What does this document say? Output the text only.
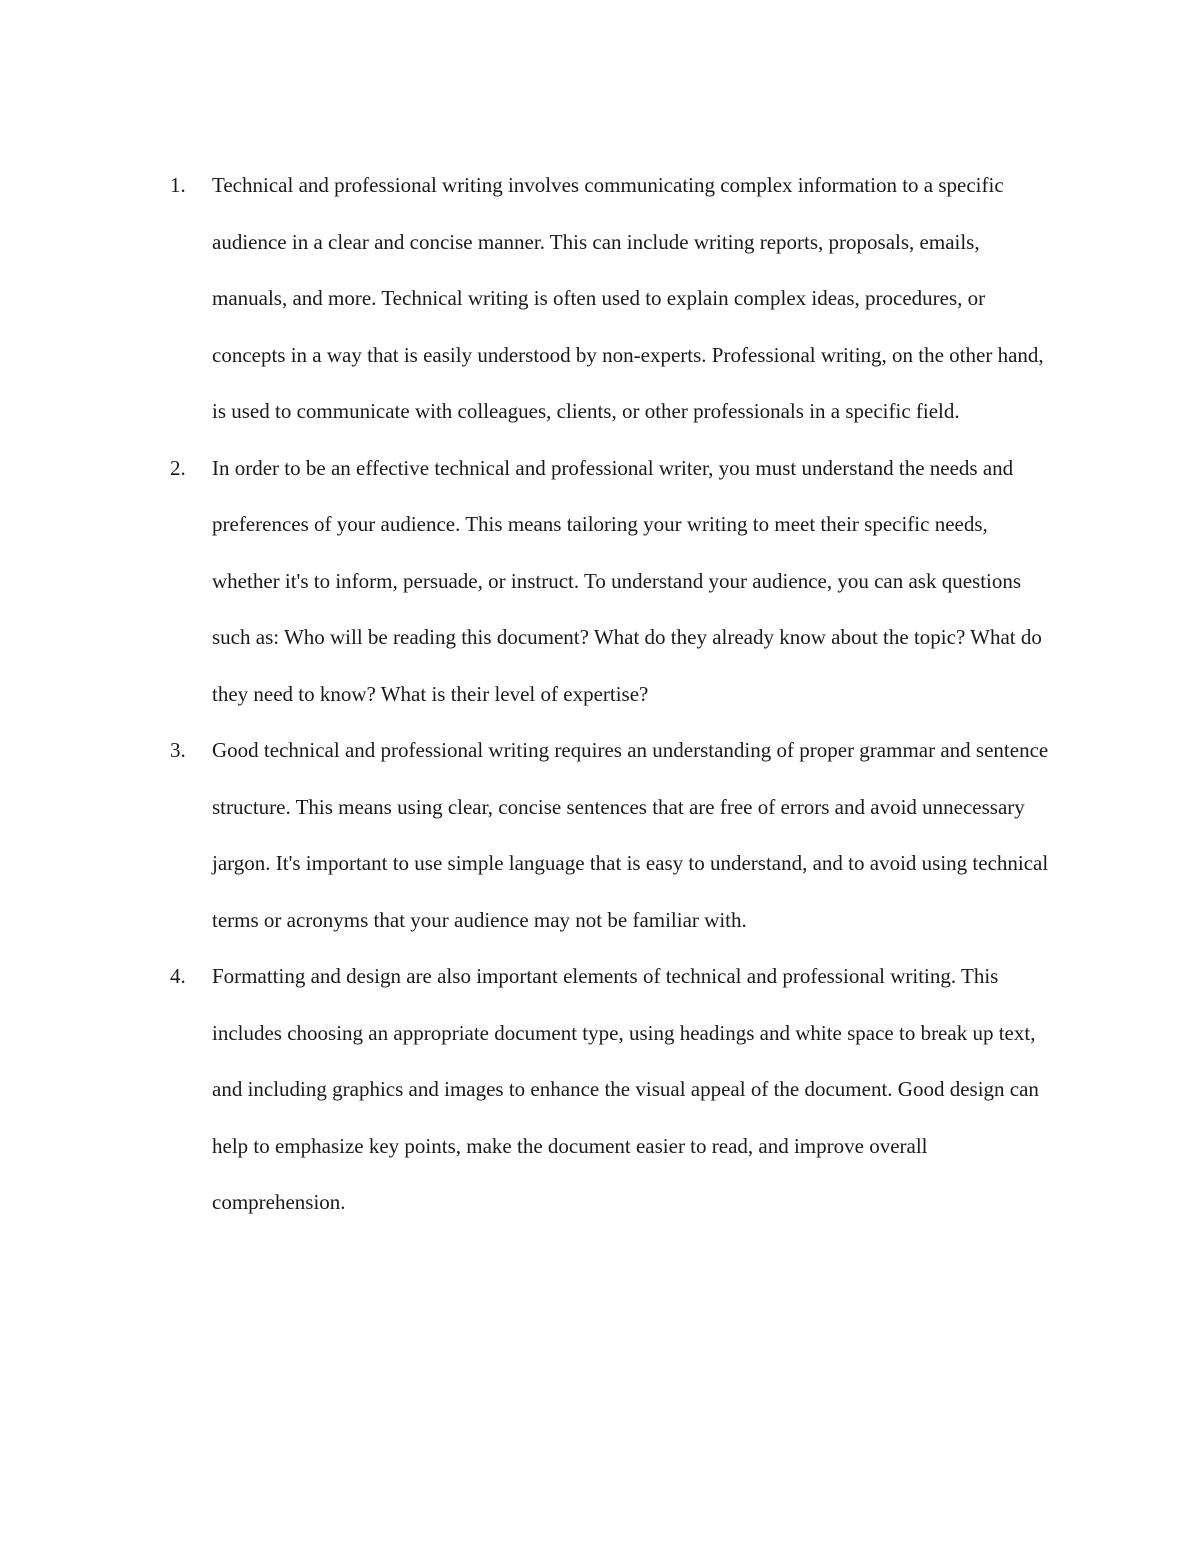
1.	Technical and professional writing involves communicating complex information to a specific audience in a clear and concise manner. This can include writing reports, proposals, emails, manuals, and more. Technical writing is often used to explain complex ideas, procedures, or concepts in a way that is easily understood by non-experts. Professional writing, on the other hand, is used to communicate with colleagues, clients, or other professionals in a specific field.
2.	In order to be an effective technical and professional writer, you must understand the needs and preferences of your audience. This means tailoring your writing to meet their specific needs, whether it's to inform, persuade, or instruct. To understand your audience, you can ask questions such as: Who will be reading this document? What do they already know about the topic? What do they need to know? What is their level of expertise?
3.	Good technical and professional writing requires an understanding of proper grammar and sentence structure. This means using clear, concise sentences that are free of errors and avoid unnecessary jargon. It's important to use simple language that is easy to understand, and to avoid using technical terms or acronyms that your audience may not be familiar with.
4.	Formatting and design are also important elements of technical and professional writing. This includes choosing an appropriate document type, using headings and white space to break up text, and including graphics and images to enhance the visual appeal of the document. Good design can help to emphasize key points, make the document easier to read, and improve overall comprehension.
